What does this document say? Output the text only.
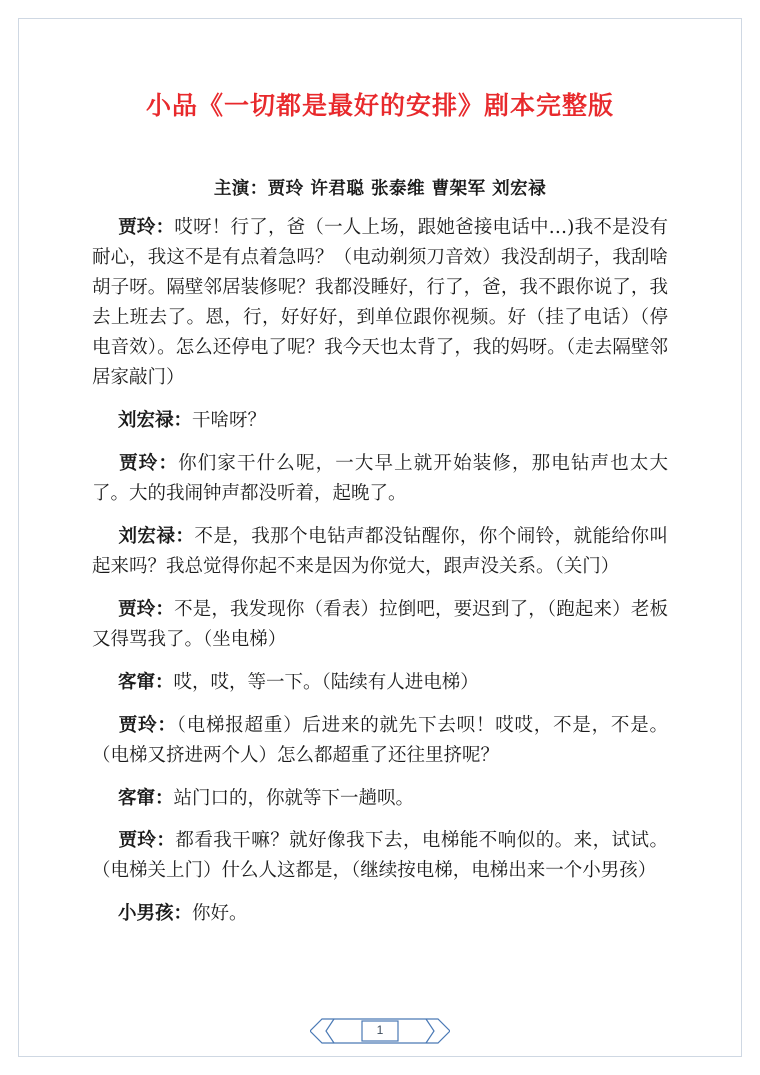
小品《一切都是最好的安排》剧本完整版
主演：贾玲 许君聪 张泰维 曹架军 刘宏禄
贾玲：哎呀！行了，爸（一人上场，跟她爸接电话中…)我不是没有耐心，我这不是有点着急吗？（电动剃须刀音效）我没刮胡子，我刮啥胡子呀。隔壁邻居装修呢？我都没睡好，行了，爸，我不跟你说了，我去上班去了。恩，行，好好好，到单位跟你视频。好（挂了电话）（停电音效）。怎么还停电了呢？我今天也太背了，我的妈呀。（走去隔壁邻居家敲门）
刘宏禄：干啥呀？
贾玲：你们家干什么呢，一大早上就开始装修，那电钻声也太大了。大的我闹钟声都没听着，起晚了。
刘宏禄：不是，我那个电钻声都没钻醒你，你个闹铃，就能给你叫起来吗？我总觉得你起不来是因为你觉大，跟声没关系。（关门）
贾玲：不是，我发现你（看表）拉倒吧，要迟到了，（跑起来）老板又得骂我了。（坐电梯）
客窜：哎，哎，等一下。（陆续有人进电梯）
贾玲：（电梯报超重）后进来的就先下去呗！哎哎，不是，不是。（电梯又挤进两个人）怎么都超重了还往里挤呢？
客窜：站门口的，你就等下一趟呗。
贾玲：都看我干嘛？就好像我下去，电梯能不响似的。来，试试。（电梯关上门）什么人这都是，（继续按电梯，电梯出来一个小男孩）
小男孩：你好。
1
